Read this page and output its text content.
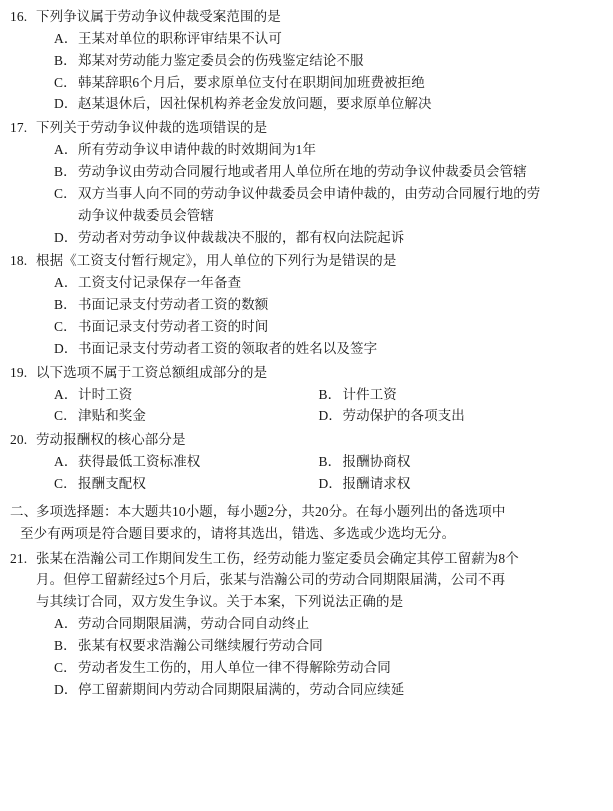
16. 下列争议属于劳动争议仲裁受案范围的是
A． 王某对单位的职称评审结果不认可
B． 郑某对劳动能力鉴定委员会的伤残鉴定结论不服
C． 韩某辞职6个月后，要求原单位支付在职期间加班费被拒绝
D． 赵某退休后，因社保机构养老金发放问题，要求原单位解决
17. 下列关于劳动争议仲裁的选项错误的是
A． 所有劳动争议申请仲裁的时效期间为1年
B． 劳动争议由劳动合同履行地或者用人单位所在地的劳动争议仲裁委员会管辖
C． 双方当事人向不同的劳动争议仲裁委员会申请仲裁的，由劳动合同履行地的劳
动争议仲裁委员会管辖
D． 劳动者对劳动争议仲裁裁决不服的，都有权向法院起诉
18. 根据《工资支付暂行规定》，用人单位的下列行为是错误的是
A． 工资支付记录保存一年备查
B． 书面记录支付劳动者工资的数额
C． 书面记录支付劳动者工资的时间
D． 书面记录支付劳动者工资的领取者的姓名以及签字
19. 以下选项不属于工资总额组成部分的是
A． 计时工资	B． 计件工资
C． 津贴和奖金	D． 劳动保护的各项支出
20. 劳动报酬权的核心部分是
A． 获得最低工资标准权	B． 报酬协商权
C． 报酬支配权	D． 报酬请求权
二、
多项选择题：本大题共10小题，每小题2分，共20分。在每小题列出的备选项中
至少有两项是符合题目要求的，请将其选出，错选、多选或少选均无分。
21. 张某在浩瀚公司工作期间发生工伤，经劳动能力鉴定委员会确定其停工留薪为8个
月。但停工留薪经过5个月后，张某与浩瀚公司的劳动合同期限届满，公司不再
与其续订合同，双方发生争议。关于本案，下列说法正确的是
A． 劳动合同期限届满，劳动合同自动终止
B． 张某有权要求浩瀚公司继续履行劳动合同
C． 劳动者发生工伤的，用人单位一律不得解除劳动合同
D． 停工留薪期间内劳动合同期限届满的，劳动合同应续延
